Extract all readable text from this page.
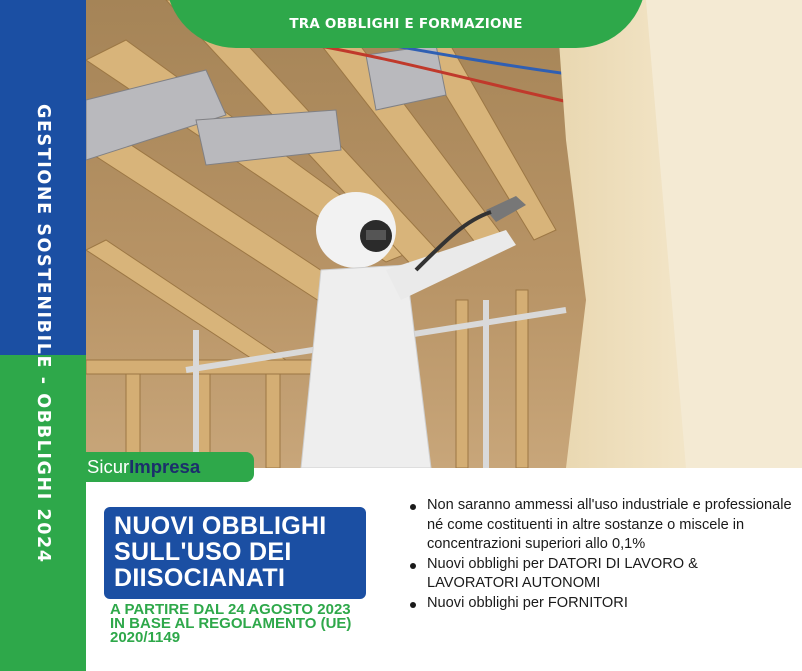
GESTIONE SOSTENIBILE - OBBLIGHI 2024
TRA OBBLIGHI E FORMAZIONE
Sicur Impresa
NUOVI OBBLIGHI
SULL'USO DEI
DIISOCIANATI
A PARTIRE DAL 24 AGOSTO 2023
IN BASE AL REGOLAMENTO (UE)
2020/1149
Non saranno ammessi all'uso industriale e professionale né come costituenti in altre sostanze o miscele in concentrazioni superiori allo 0,1%
Nuovi obblighi per DATORI DI LAVORO & LAVORATORI AUTONOMI
Nuovi obblighi per FORNITORI
